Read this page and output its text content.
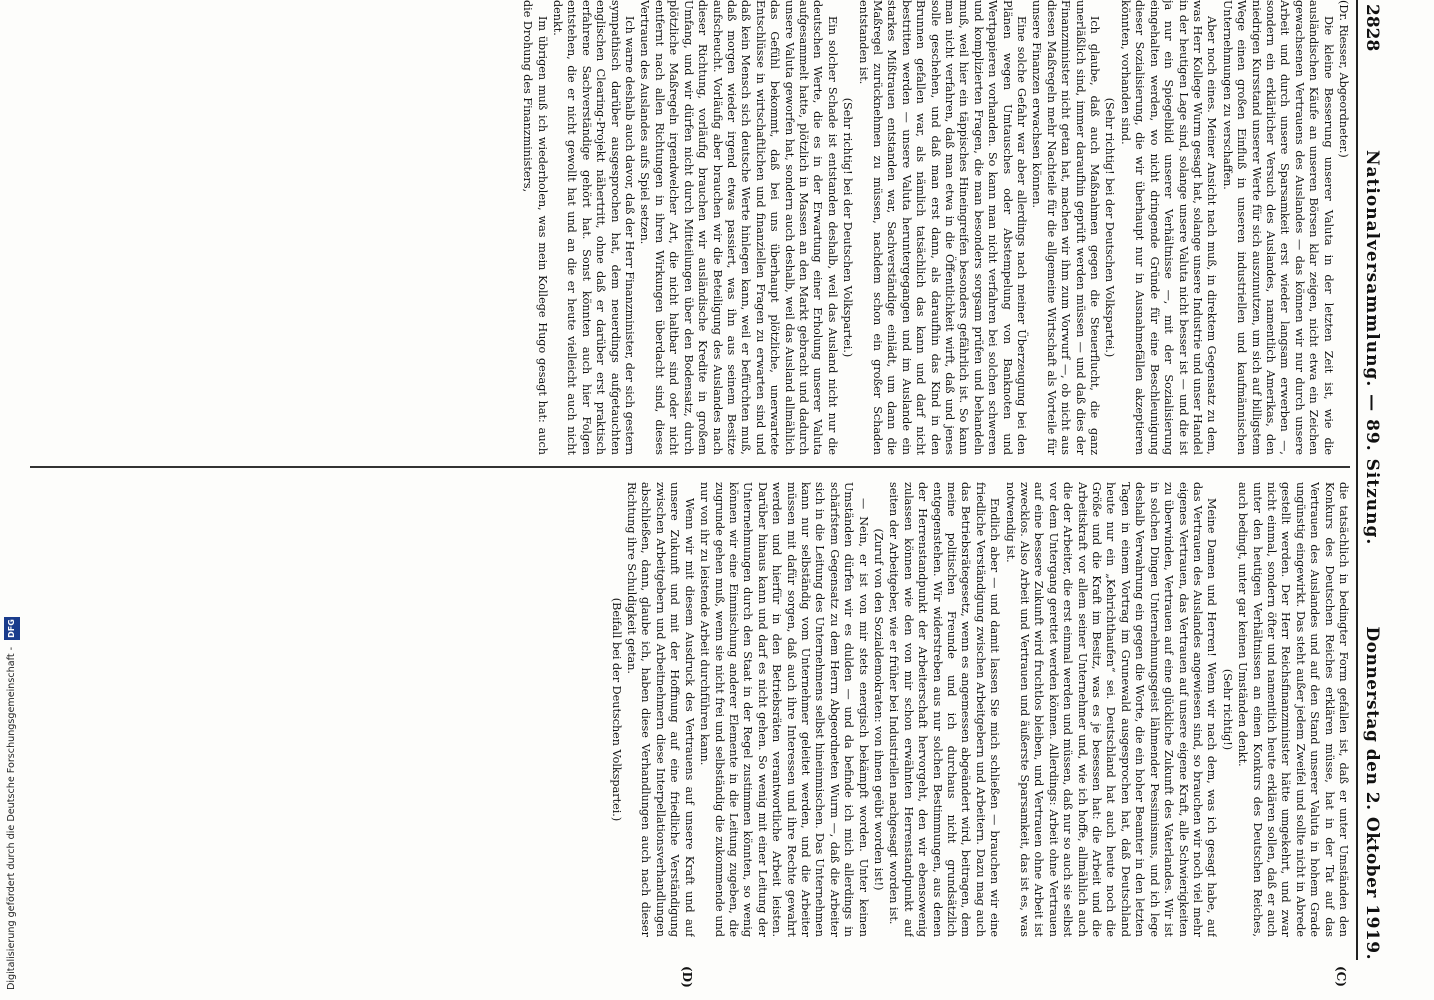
2828
Nationalversammlung. — 89. Sitzung.
Donnerstag den 2. Oktober 1919.
(C)
(D)

(Dr. Riesser, Abgeordneter.)

Die kleine Besserung unserer Valuta in der letzten Zeit ist, wie die ausländischen Käufe an unseren Börsen klar zeigen, nicht etwa ein Zeichen gewachsenen Vertrauens des Auslandes — das können wir nur durch unsere Arbeit und durch unsere Sparsamkeit erst wieder langsam erwerben —, sondern ein erklärlicher Versuch des Auslandes, namentlich Amerikas, den niedrigen Kursstand unserer Werte für sich auszunutzen, um sich auf billigstem Wege einen großen Einfluß in unseren industriellen und kaufmännischen Unternehmungen zu verschaffen.

Aber noch eines. Meiner Ansicht nach muß, in direktem Gegensatz zu dem, was Herr Kollege Wurm gesagt hat, solange unsere Industrie und unser Handel in der heutigen Lage sind, solange unsere Valuta nicht besser ist — und die ist ja nur ein Spiegelbild unserer Verhältnisse —, mit der Sozialisierung eingehalten werden, wo nicht dringende Gründe für eine Beschleunigung dieser Sozialisierung, die wir überhaupt nur in Ausnahmefällen akzeptieren könnten, vorhanden sind.

(Sehr richtig! bei der Deutschen Volkspartei.)

Ich glaube, daß auch Maßnahmen gegen die Steuerflucht, die ganz unerläßlich sind, immer daraufhin geprüft werden müssen — und daß dies der Finanzminister nicht getan hat, machen wir ihm zum Vorwurf —, ob nicht aus diesen Maßregeln mehr Nachteile für die allgemeine Wirtschaft als Vorteile für unsere Finanzen erwachsen können.

Eine solche Gefahr war aber allerdings nach meiner Überzeugung bei den Plänen wegen Umtausches oder Abstempelung von Banknoten und Wertpapieren vorhanden. So kann man nicht verfahren bei solchen schweren und komplizierten Fragen, die man besonders sorgsam prüfen und behandeln muß, weil hier ein täppisches Hineingreifen besonders gefährlich ist. So kann man nicht verfahren, daß man etwa in die Öffentlichkeit wirft, daß und jenes solle geschehen, und daß man erst dann, als daraufhin das Kind in den Brunnen gefallen war, als nämlich tatsächlich das kann und darf nicht bestritten werden — unsere Valuta heruntergegangen und im Auslande ein starkes Mißtrauen entstanden war, Sachverständige einlädt, um dann die Maßregel zurücknehmen zu müssen, nachdem schon ein großer Schaden entstanden ist.

(Sehr richtig! bei der Deutschen Volkspartei.)

Ein solcher Schade ist entstanden deshalb, weil das Ausland nicht nur die deutschen Werte, die es in der Erwartung einer Erholung unserer Valuta aufgesammelt hatte, plötzlich in Massen an den Markt gebracht und dadurch unsere Valuta geworfen hat, sondern auch deshalb, weil das Ausland allmählich das Gefühl bekommt, daß bei uns überhaupt plötzliche, unerwartete Entschlüsse in wirtschaftlichen und finanziellen Fragen zu erwarten sind und daß kein Mensch sich deutsche Werte hinlegen kann, weil er befürchten muß, daß morgen wieder irgend etwas passiert, was ihn aus seinem Besitze aufscheucht. Vorläufig aber brauchen wir die Beteiligung des Auslandes nach dieser Richtung, vorläufig brauchen wir ausländische Kredite in großem Umfang, und wir dürfen nicht durch Mitteilungen über den Bodensatz, durch plötzliche Maßregeln irgendwelcher Art, die nicht haltbar sind oder nicht entfernt nach allen Richtungen in ihren Wirkungen überdacht sind, dieses Vertrauen des Auslandes aufs Spiel setzen.

Ich warne deshalb auch davor, daß der Herr Finanzminister, der sich gestern sympathisch darüber ausgesprochen hat, dem neuerdings aufgetauchten englischen Clearing-Projekt nähertritt, ohne daß er darüber erst praktisch erfahrene Sachverständige gehört hat. Sonst könnten auch hier Folgen entstehen, die er nicht gewollt hat und an die er heute vielleicht auch nicht denkt.

Im übrigen muß ich wiederholen, was mein Kollege Hugo gesagt hat: auch die Drohung des Finanzministers,

die tatsächlich in bedingter Form gefallen ist, daß er unter Umständen den Konkurs des Deutschen Reiches erklären müsse, hat in der Tat auf das Vertrauen des Auslandes und auf den Stand unserer Valuta in hohem Grade ungünstig eingewirkt. Das steht außer jedem Zweifel und sollte nicht in Abrede gestellt werden. Der Herr Reichsfinanzminister hätte umgekehrt, und zwar nicht einmal, sondern öfter und namentlich heute erklären sollen, daß er auch unter den heutigen Verhältnissen an einen Konkurs des Deutschen Reiches, auch bedingt, unter gar keinen Umständen denkt.

(Sehr richtig!)

Meine Damen und Herren! Wenn wir nach dem, was ich gesagt habe, auf das Vertrauen des Auslandes angewiesen sind, so brauchen wir noch viel mehr eigenes Vertrauen, das Vertrauen auf unsere eigene Kraft, alle Schwierigkeiten zu überwinden, Vertrauen auf eine glückliche Zukunft des Vaterlandes. Wir ist in solchen Dingen Unternehmungsgeist lähmender Pessimismus, und ich lege deshalb Verwahrung ein gegen die Worte, die ein hoher Beamter in den letzten Tagen in einem Vortrag im Grunewald ausgesprochen hat, daß Deutschland heute nur ein „Kehrichthaufen“ sei. Deutschland hat auch heute noch die Größe und die Kraft im Besitz, was es je besessen hat: die Arbeit und die Arbeitskraft vor allem seiner Unternehmer und, wie ich hoffe, allmählich auch die der Arbeiter, die erst einmal werden und müssen, daß nur so auch sie selbst vor dem Untergang gerettet werden können. Allerdings: Arbeit ohne Vertrauen auf eine bessere Zukunft wird fruchtlos bleiben, und Vertrauen ohne Arbeit ist zwecklos. Also Arbeit und Vertrauen und äußerste Sparsamkeit, das ist es, was notwendig ist.

Endlich aber — und damit lassen Sie mich schließen — brauchen wir eine friedliche Verständigung zwischen Arbeitgebern und Arbeitern. Dazu mag auch das Betriebsrätegesetz, wenn es angemessen abgeändert wird, beitragen, dem meine politischen Freunde und ich durchaus nicht grundsätzlich entgegenstehen. Wir widerstreben aus nur solchen Bestimmungen, aus denen der Herrenstandpunkt der Arbeiterschaft hervorgeht, den wir ebensowenig zulassen können wie den von mir schon erwähnten Herrenstandpunkt auf seiten der Arbeitgeber, wie er früher bei Industriellen nachgesagt worden ist.

(Zuruf von den Sozialdemokraten: von ihnen geübt worden ist!)

— Nein, er ist von mir stets energisch bekämpft worden. Unter keinen Umständen dürfen wir es dulden — und da befinde ich mich allerdings in schärfstem Gegensatz zu dem Herrn Abgeordneten Wurm —, daß die Arbeiter sich in die Leitung des Unternehmens selbst hineinmischen. Das Unternehmen kann nur selbständig vom Unternehmer geleitet werden, und die Arbeiter müssen mit dafür sorgen, daß auch ihre Interessen und ihre Rechte gewahrt werden und hierfür in den Betriebsräten verantwortliche Arbeit leisten. Darüber hinaus kann und darf es nicht gehen. So wenig mit einer Leitung der Unternehmungen durch den Staat in der Regel zustimmen könnten, so wenig können wir eine Einmischung anderer Elemente in die Leitung zugeben, die zugrunde gehen muß, wenn sie nicht frei und selbständig die zukommende und nur von ihr zu leistende Arbeit durchführen kann.

Wenn wir mit diesem Ausdruck des Vertrauens auf unsere Kraft und auf unsere Zukunft und mit der Hoffnung auf eine friedliche Verständigung zwischen Arbeitgebern und Arbeitnehmern diese Interpellationsverhandlungen abschließen, dann, glaube ich, haben diese Verhandlungen auch nach dieser Richtung ihre Schuldigkeit getan.

(Beifall bei der Deutschen Volkspartei.)

Digitalisierung gefördert durch die Deutsche Forschungsgemeinschaft - DFG
